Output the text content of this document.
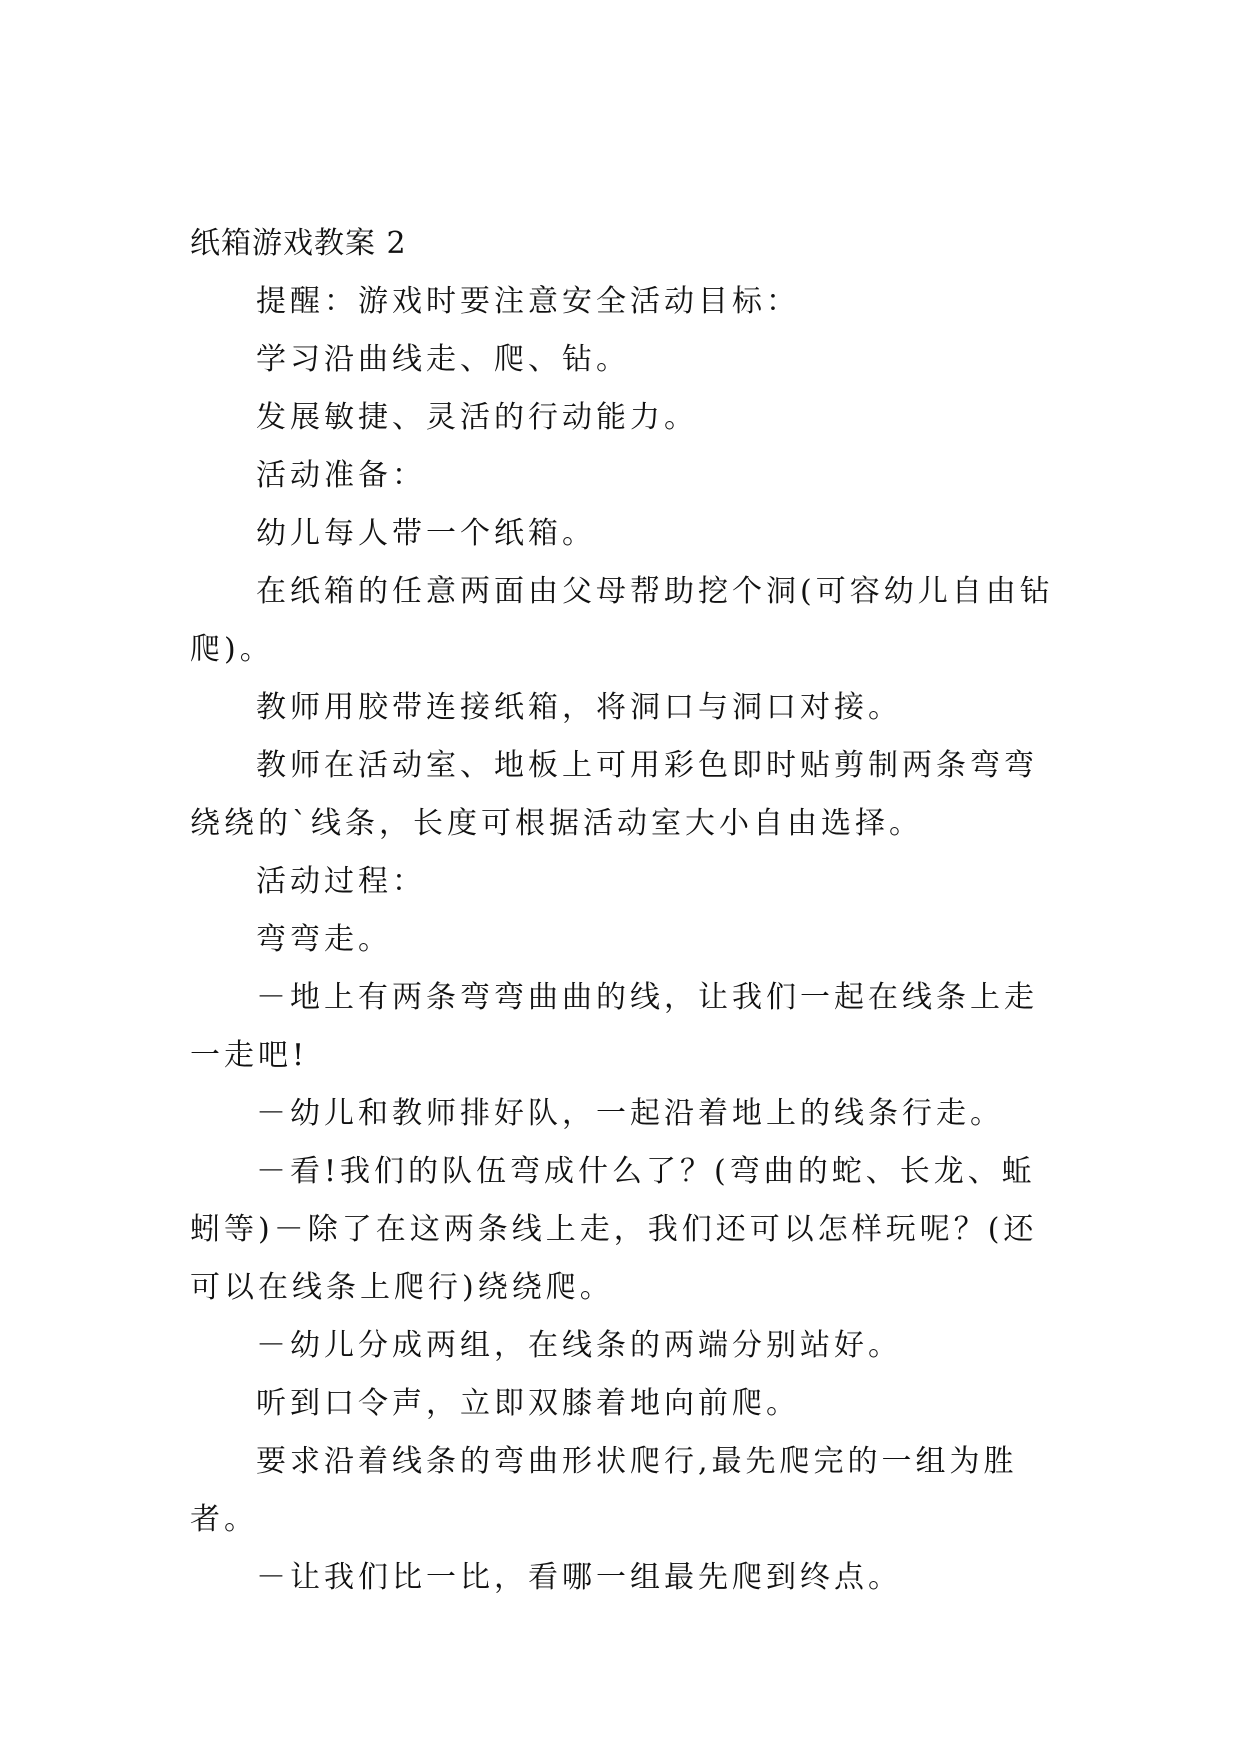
纸箱游戏教案 2

提醒：游戏时要注意安全活动目标：

学习沿曲线走、爬、钻。

发展敏捷、灵活的行动能力。

活动准备：

幼儿每人带一个纸箱。

在纸箱的任意两面由父母帮助挖个洞(可容幼儿自由钻爬)。

教师用胶带连接纸箱，将洞口与洞口对接。

教师在活动室、地板上可用彩色即时贴剪制两条弯弯绕绕的`线条，长度可根据活动室大小自由选择。

活动过程：

弯弯走。

－地上有两条弯弯曲曲的线，让我们一起在线条上走一走吧!

－幼儿和教师排好队，一起沿着地上的线条行走。

－看!我们的队伍弯成什么了？(弯曲的蛇、长龙、蚯蚓等)－除了在这两条线上走，我们还可以怎样玩呢？(还可以在线条上爬行)绕绕爬。

－幼儿分成两组，在线条的两端分别站好。

听到口令声，立即双膝着地向前爬。

要求沿着线条的弯曲形状爬行,最先爬完的一组为胜者。

－让我们比一比，看哪一组最先爬到终点。
